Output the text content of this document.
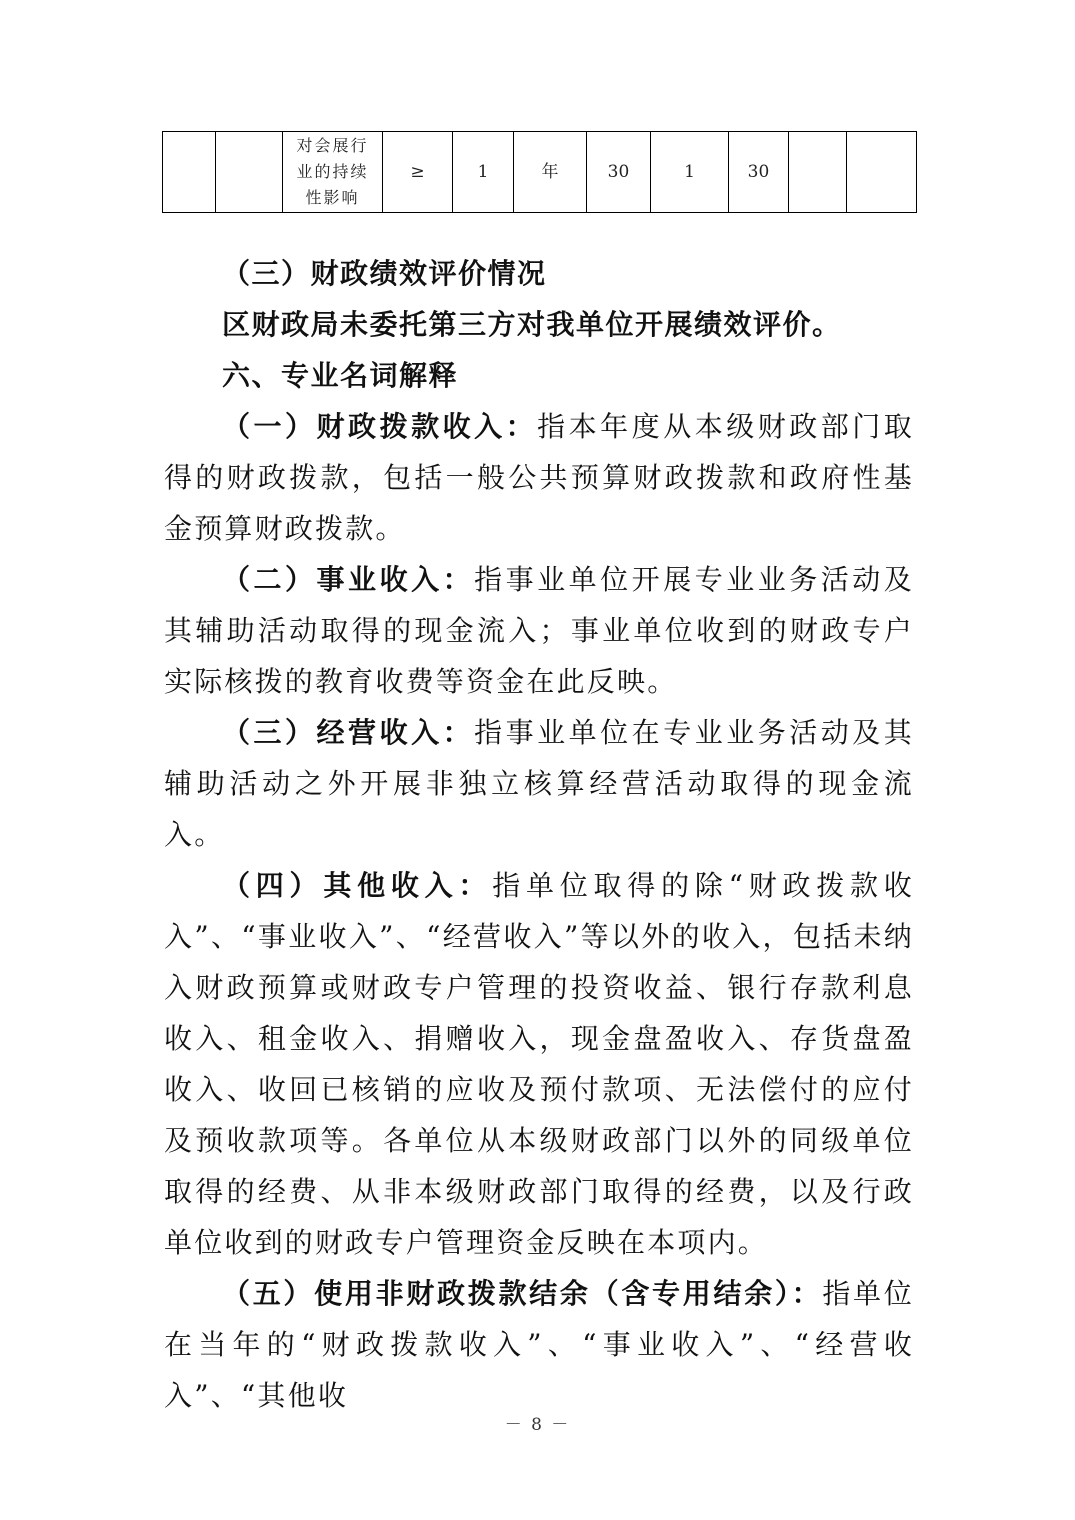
对会展行
业的持续
性影响
	≥	1	年	30	1	30		

（三）财政绩效评价情况

区财政局未委托第三方对我单位开展绩效评价。

六、专业名词解释

（一）财政拨款收入：指本年度从本级财政部门取得的财政拨款，包括一般公共预算财政拨款和政府性基金预算财政拨款。

（二）事业收入：指事业单位开展专业业务活动及其辅助活动取得的现金流入；事业单位收到的财政专户实际核拨的教育收费等资金在此反映。

（三）经营收入：指事业单位在专业业务活动及其辅助活动之外开展非独立核算经营活动取得的现金流入。

（四）其他收入：指单位取得的除“财政拨款收入”、“事业收入”、“经营收入”等以外的收入，包括未纳入财政预算或财政专户管理的投资收益、银行存款利息收入、租金收入、捐赠收入，现金盘盈收入、存货盘盈收入、收回已核销的应收及预付款项、无法偿付的应付及预收款项等。各单位从本级财政部门以外的同级单位取得的经费、从非本级财政部门取得的经费，以及行政单位收到的财政专户管理资金反映在本项内。

（五）使用非财政拨款结余（含专用结余）：指单位在当年的“财政拨款收入”、“事业收入”、“经营收入”、“其他收

－ 8 －
